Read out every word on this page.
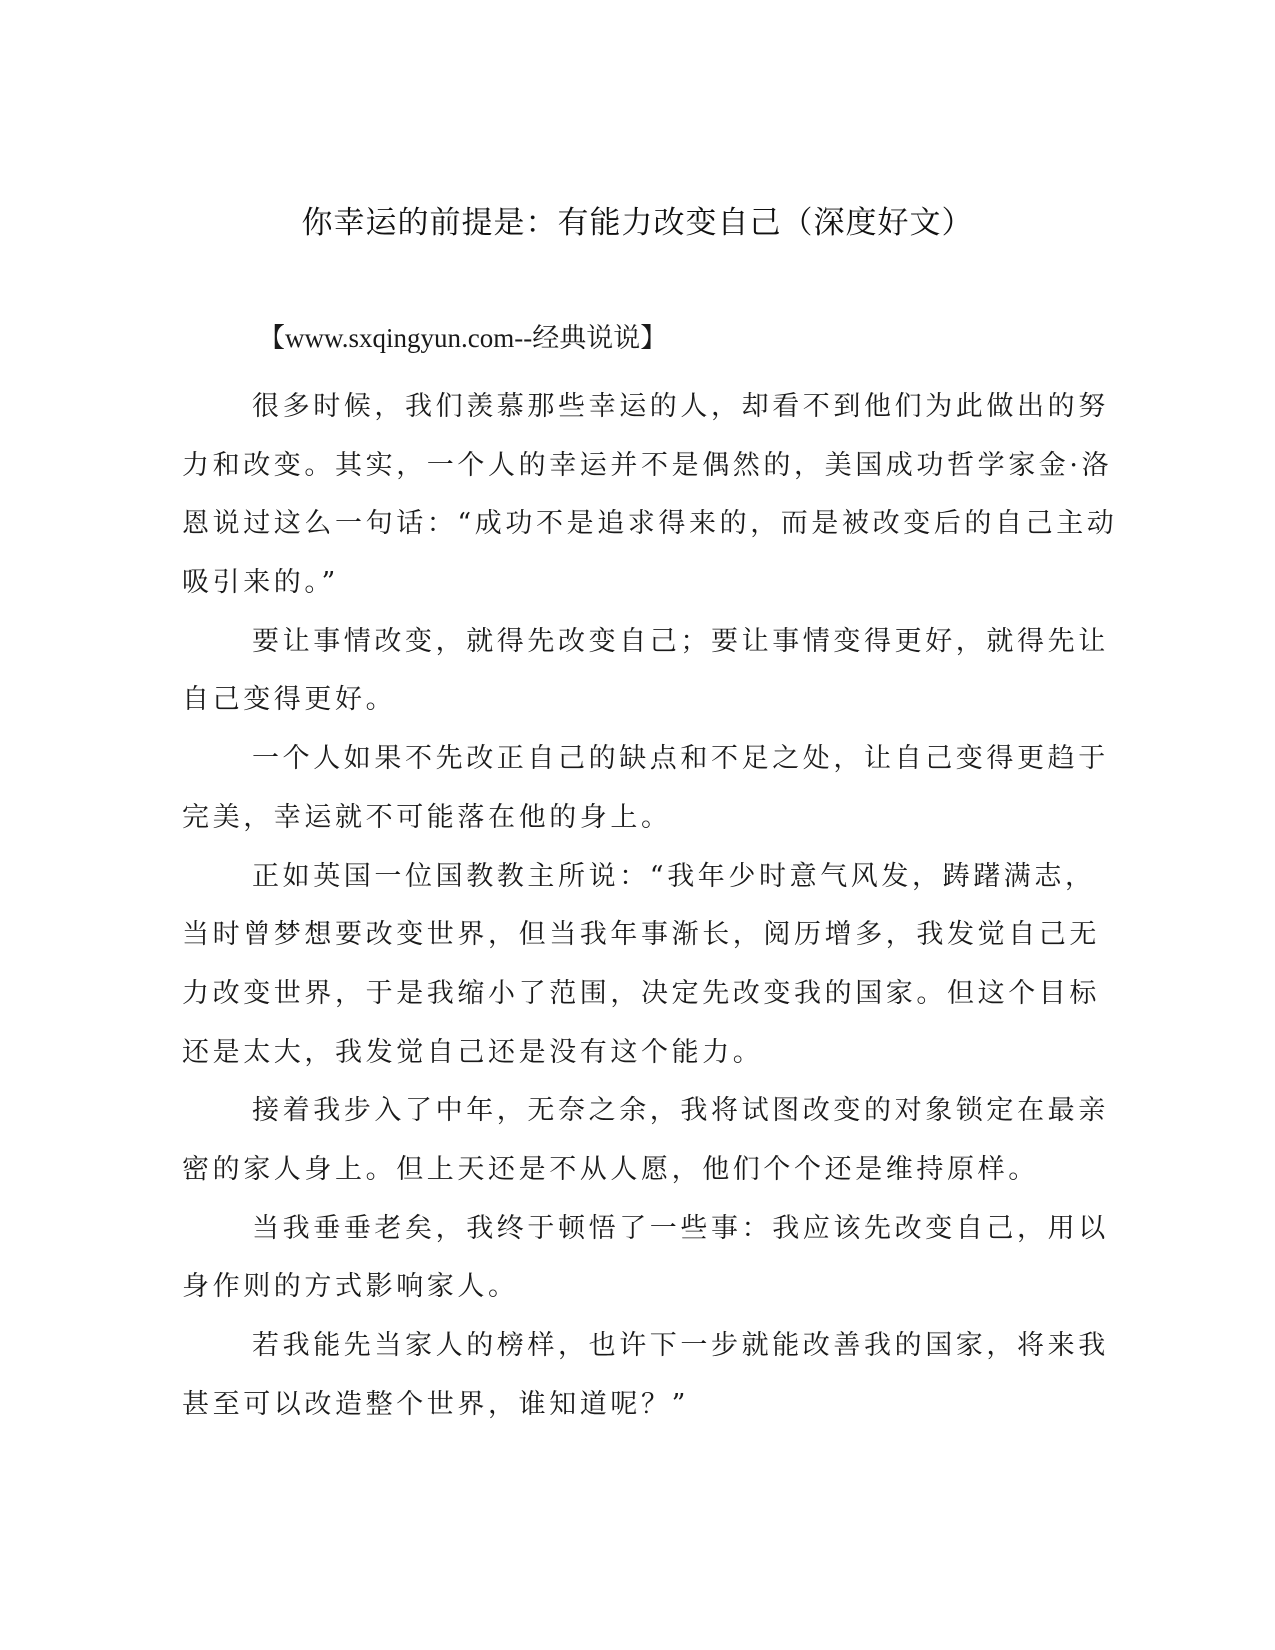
你幸运的前提是：有能力改变自己（深度好文）
【www.sxqingyun.com--经典说说】
很多时候，我们羡慕那些幸运的人，却看不到他们为此做出的努
力和改变。其实，一个人的幸运并不是偶然的，美国成功哲学家金·洛
恩说过这么一句话：“成功不是追求得来的，而是被改变后的自己主动
吸引来的。”
要让事情改变，就得先改变自己；要让事情变得更好，就得先让
自己变得更好。
一个人如果不先改正自己的缺点和不足之处，让自己变得更趋于
完美，幸运就不可能落在他的身上。
正如英国一位国教教主所说：“我年少时意气风发，踌躇满志，
当时曾梦想要改变世界，但当我年事渐长，阅历增多，我发觉自己无
力改变世界，于是我缩小了范围，决定先改变我的国家。但这个目标
还是太大，我发觉自己还是没有这个能力。
接着我步入了中年，无奈之余，我将试图改变的对象锁定在最亲
密的家人身上。但上天还是不从人愿，他们个个还是维持原样。
当我垂垂老矣，我终于顿悟了一些事：我应该先改变自己，用以
身作则的方式影响家人。
若我能先当家人的榜样，也许下一步就能改善我的国家，将来我
甚至可以改造整个世界，谁知道呢？”
